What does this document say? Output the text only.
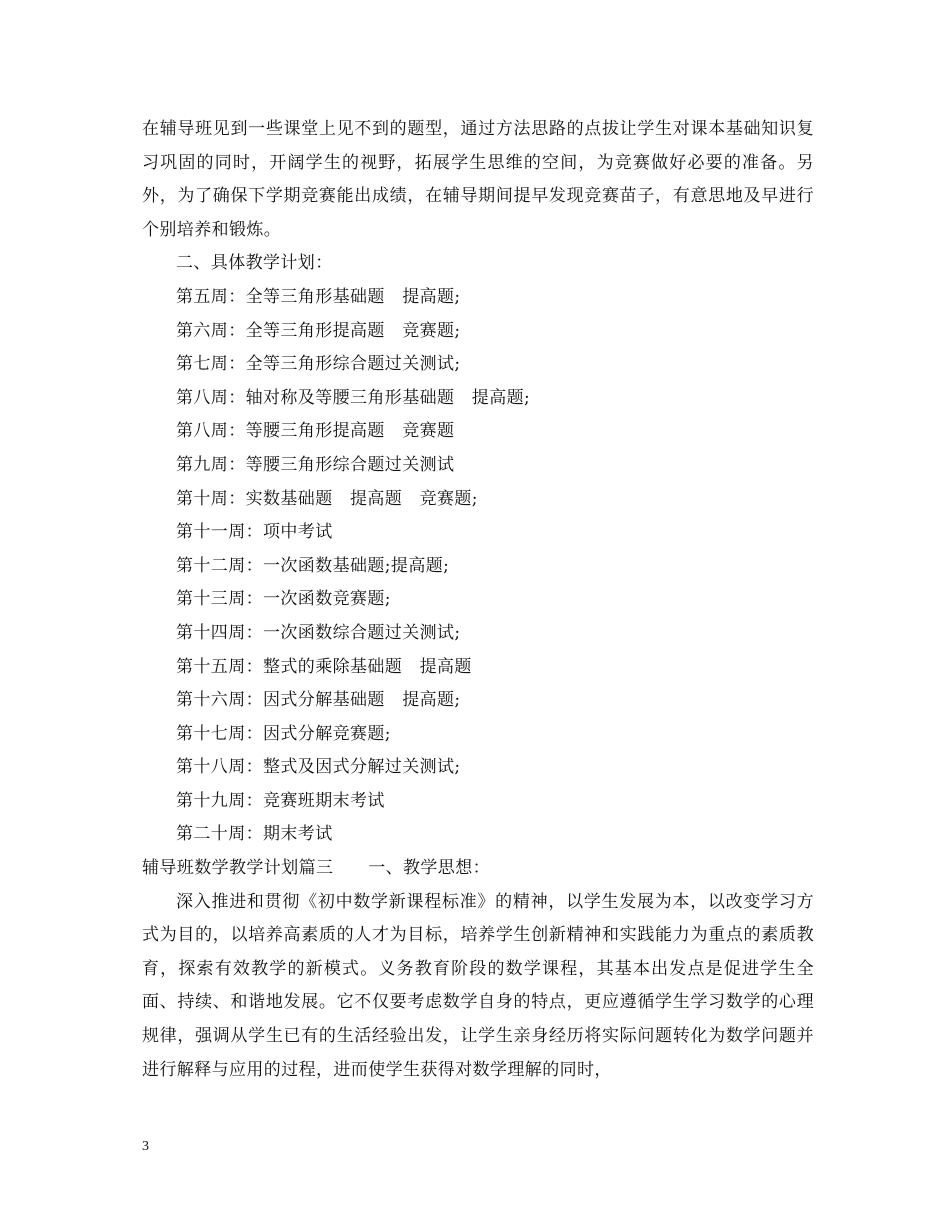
在辅导班见到一些课堂上见不到的题型，通过方法思路的点拔让学生对课本基础知识复习巩固的同时，开阔学生的视野，拓展学生思维的空间，为竞赛做好必要的准备。另外，为了确保下学期竞赛能出成绩，在辅导期间提早发现竞赛苗子，有意思地及早进行个别培养和锻炼。

二、具体教学计划：

第五周：全等三角形基础题　提高题;

第六周：全等三角形提高题　竞赛题;

第七周：全等三角形综合题过关测试;

第八周：轴对称及等腰三角形基础题　提高题;

第八周：等腰三角形提高题　竞赛题

第九周：等腰三角形综合题过关测试

第十周：实数基础题　提高题　竞赛题;

第十一周：项中考试

第十二周：一次函数基础题;提高题;

第十三周：一次函数竞赛题;

第十四周：一次函数综合题过关测试;

第十五周：整式的乘除基础题　提高题

第十六周：因式分解基础题　提高题;

第十七周：因式分解竞赛题;

第十八周：整式及因式分解过关测试;

第十九周：竞赛班期末考试

第二十周：期末考试

辅导班数学教学计划篇三　　一、教学思想：

深入推进和贯彻《初中数学新课程标准》的精神，以学生发展为本，以改变学习方式为目的，以培养高素质的人才为目标，培养学生创新精神和实践能力为重点的素质教育，探索有效教学的新模式。义务教育阶段的数学课程，其基本出发点是促进学生全面、持续、和谐地发展。它不仅要考虑数学自身的特点，更应遵循学生学习数学的心理规律，强调从学生已有的生活经验出发，让学生亲身经历将实际问题转化为数学问题并进行解释与应用的过程，进而使学生获得对数学理解的同时，

3
